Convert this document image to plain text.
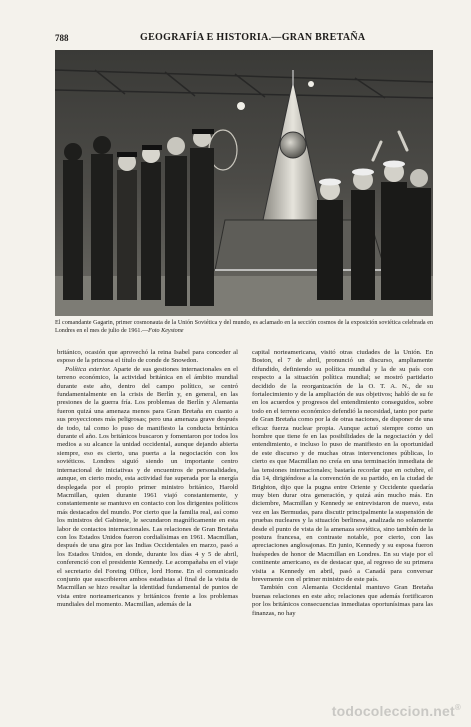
788	GEOGRAFÍA E HISTORIA.—GRAN BRETAÑA
El comandante Gagarin, primer cosmonauta de la Unión Soviética y del mundo, es aclamado en la sección cosmos de la exposición soviética celebrada en Londres en el mes de julio de 1961.—Foto Keystone

británico, ocasión que aprovechó la reina Isabel para conceder al esposo de la princesa el título de conde de Snowdon.

Política exterior. Aparte de sus gestiones internacionales en el terreno económico, la actividad británica en el ámbito mundial durante este año, dentro del campo político, se centró fundamentalmente en la crisis de Berlín y, en general, en las presiones de la guerra fría. Los problemas de Berlín y Alemania fueron quizá una amenaza menos para Gran Bretaña en cuanto a sus proyecciones más peligrosas; pero una amenaza grave después de todo, tal como lo puso de manifiesto la conducta británica durante el año. Los británicos buscaron y fomentaron por todos los medios a su alcance la unidad occidental, aunque dejando abierta siempre, eso es cierto, una puerta a la negociación con los soviéticos. Londres siguió siendo un importante centro internacional de iniciativas y de encuentros de personalidades, aunque, en cierto modo, esta actividad fue superada por la energía desplegada por el propio primer ministro británico, Harold Macmillan, quien durante 1961 viajó constantemente, y constantemente se mantuvo en contacto con los dirigentes políticos más destacados del mundo. Por cierto que la familia real, así como los ministros del Gabinete, le secundaron magníficamente en esta labor de contactos internacionales. Las relaciones de Gran Bretaña con los Estados Unidos fueron cordialísimas en 1961. Macmillan, después de una gira por las Indias Occidentales en marzo, pasó a los Estados Unidos, en donde, durante los días 4 y 5 de abril, conferenció con el presidente Kennedy. Le acompañaba en el viaje el secretario del Foreing Office, lord Home. En el comunicado conjunto que suscribieron ambos estadistas al final de la visita de Macmillan se hizo resaltar la identidad fundamental de puntos de vista entre norteamericanos y británicos frente a los problemas mundiales del momento. Macmillan, además de la

capital norteamericana, visitó otras ciudades de la Unión. En Boston, el 7 de abril, pronunció un discurso, ampliamente difundido, definiendo su política mundial y la de su país con respecto a la situación política mundial; se mostró partidario decidido de la reorganización de la O. T. A. N., de su fortalecimiento y de la ampliación de sus objetivos; habló de su fe en los acuerdos y progresos del entendimiento conseguidos, sobre todo en el terreno económico defendió la necesidad, tanto por parte de Gran Bretaña como por la de otras naciones, de disponer de una eficaz fuerza nuclear propia. Aunque actuó siempre como un hombre que tiene fe en las posibilidades de la negociación y del entendimiento, e incluso lo puso de manifiesto en la oportunidad de este discurso y de muchas otras intervenciones públicas, lo cierto es que Macmillan no creía en una terminación inmediata de las tensiones internacionales; bastaría recordar que en octubre, el día 14, dirigiéndose a la convención de su partido, en la ciudad de Brighton, dijo que la pugna entre Oriente y Occidente quedaría muy bien durar otra generación, y quizá aún mucho más. En diciembre, Macmillan y Kennedy se entrevistaron de nuevo, esta vez en las Bermudas, para discutir principalmente la suspensión de pruebas nucleares y la situación berlinesa, analizada no solamente desde el punto de vista de la amenaza soviética, sino también de la postura francesa, en contraste notable, por cierto, con las apreciaciones anglosajonas. En junio, Kennedy y su esposa fueron huéspedes de honor de Macmillan en Londres. En su viaje por el continente americano, es de destacar que, al regreso de su primera visita a Kennedy en abril, pasó a Canadá para conversar brevemente con el primer ministro de este país.

También con Alemania Occidental mantuvo Gran Bretaña buenas relaciones en este año; relaciones que además fortificaron por los británicos consecuencias inmediatas oportunísimas para las finanzas, no hay

todocoleccion.net®
